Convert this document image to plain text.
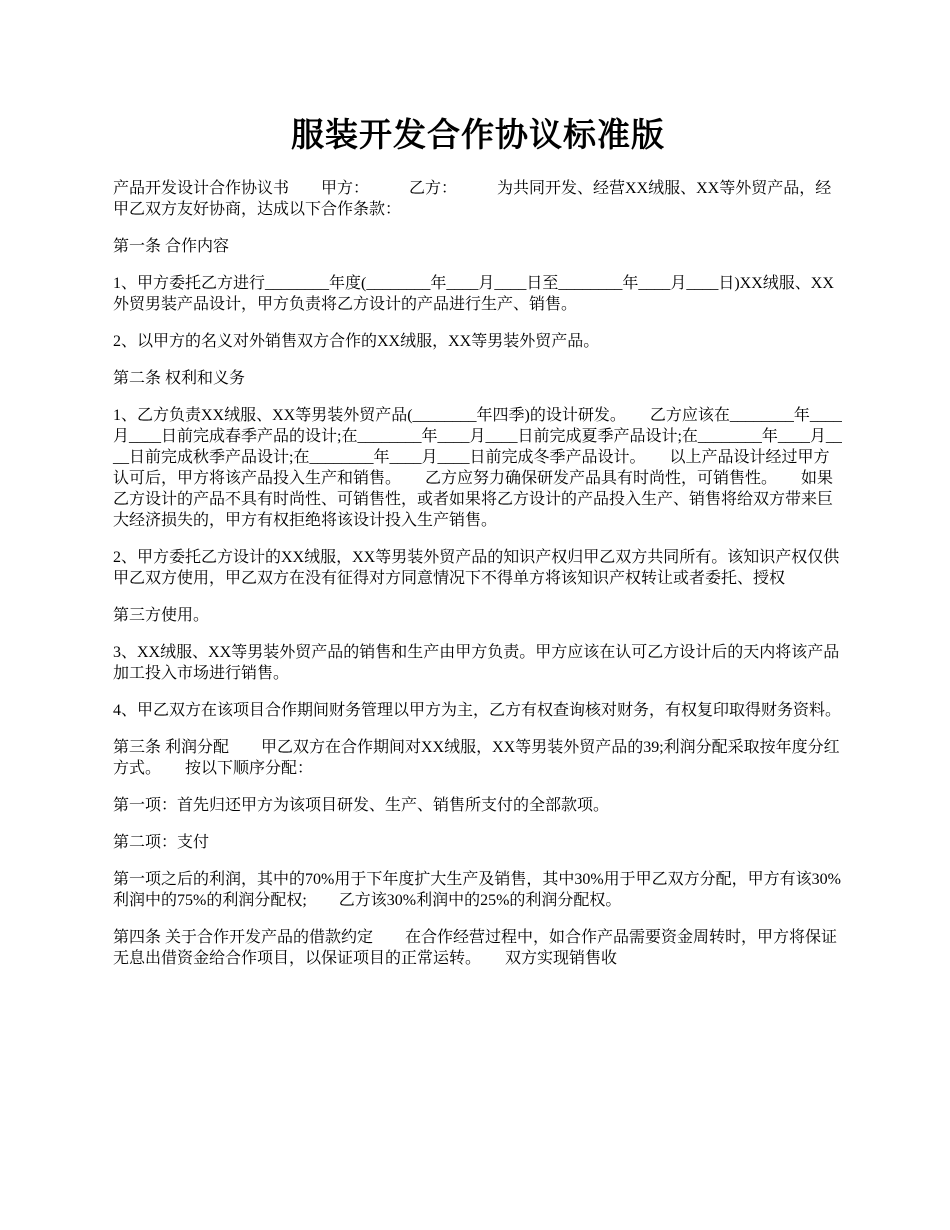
服装开发合作协议标准版

产品开发设计合作协议书　　甲方：　　　乙方：　　　为共同开发、经营XX绒服、XX等外贸产品，经甲乙双方友好协商，达成以下合作条款：

第一条 合作内容

1、甲方委托乙方进行________年度(________年____月____日至________年____月____日)XX绒服、XX外贸男装产品设计，甲方负责将乙方设计的产品进行生产、销售。

2、以甲方的名义对外销售双方合作的XX绒服，XX等男装外贸产品。

第二条 权利和义务

1、乙方负责XX绒服、XX等男装外贸产品(________年四季)的设计研发。　　乙方应该在________年____月____日前完成春季产品的设计;在________年____月____日前完成夏季产品设计;在________年____月____日前完成秋季产品设计;在________年____月____日前完成冬季产品设计。　　以上产品设计经过甲方认可后，甲方将该产品投入生产和销售。　　乙方应努力确保研发产品具有时尚性，可销售性。　　如果乙方设计的产品不具有时尚性、可销售性，或者如果将乙方设计的产品投入生产、销售将给双方带来巨大经济损失的，甲方有权拒绝将该设计投入生产销售。

2、甲方委托乙方设计的XX绒服，XX等男装外贸产品的知识产权归甲乙双方共同所有。该知识产权仅供甲乙双方使用，甲乙双方在没有征得对方同意情况下不得单方将该知识产权转让或者委托、授权

第三方使用。

3、XX绒服、XX等男装外贸产品的销售和生产由甲方负责。甲方应该在认可乙方设计后的天内将该产品加工投入市场进行销售。

4、甲乙双方在该项目合作期间财务管理以甲方为主，乙方有权查询核对财务，有权复印取得财务资料。

第三条 利润分配　　甲乙双方在合作期间对XX绒服，XX等男装外贸产品的39;利润分配采取按年度分红方式。　　按以下顺序分配：

第一项：首先归还甲方为该项目研发、生产、销售所支付的全部款项。

第二项：支付

第一项之后的利润，其中的70%用于下年度扩大生产及销售，其中30%用于甲乙双方分配，甲方有该30%利润中的75%的利润分配权;　　乙方该30%利润中的25%的利润分配权。

第四条 关于合作开发产品的借款约定　　在合作经营过程中，如合作产品需要资金周转时，甲方将保证无息出借资金给合作项目，以保证项目的正常运转。　　双方实现销售收
